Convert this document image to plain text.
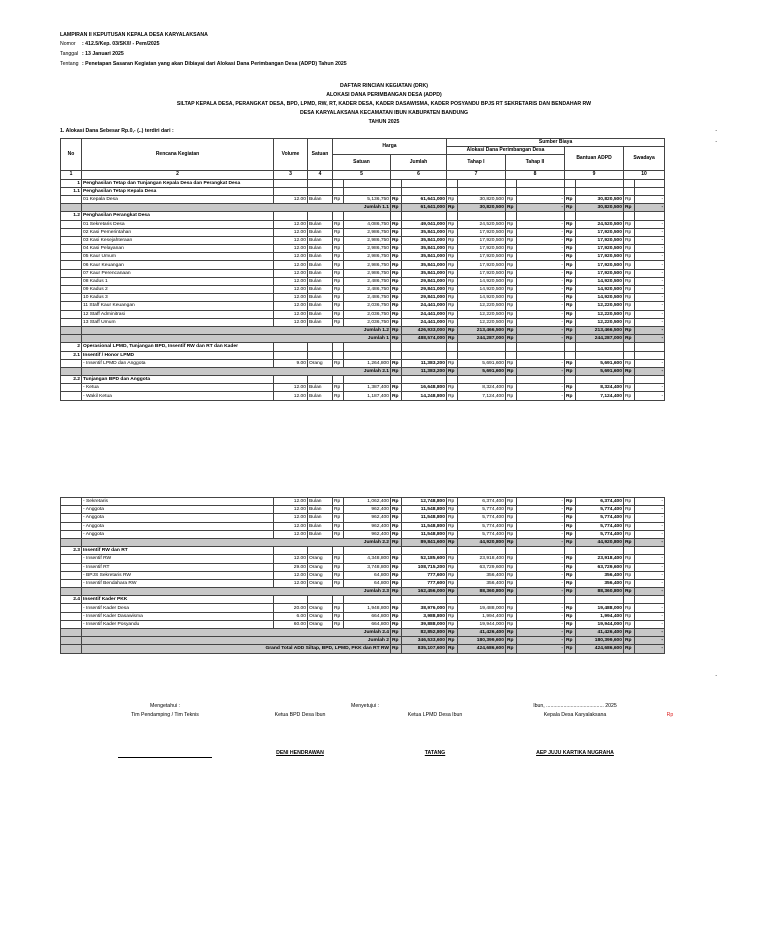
LAMPIRAN II KEPUTUSAN KEPALA DESA KARYALAKSANA
Nomor : 412.5/Kep. 03/SK/I/ - Pem/2025
Tanggal : 13 Januari 2025
Tentang : Penetapan Sasaran Kegiatan yang akan Dibiayai dari Alokasi Dana Perimbangan Desa (ADPD) Tahun 2025
DAFTAR RINCIAN KEGIATAN (DRK)
ALOKASI DANA PERIMBANGAN DESA (ADPD)
SILTAP KEPALA DESA, PERANGKAT DESA, BPD, LPMD, RW, RT, KADER DESA, KADER DASAWISMA, KADER POSYANDU BPJS RT SEKRETARIS DAN BENDAHAR RW
DESA KARYALAKSANA KECAMATAN IBUN KABUPATEN BANDUNG
TAHUN 2025
1. Alokasi Dana Sebesar Rp.0,- (..) terdiri dari :	-
-
No	Rencana Kegiatan	Volume	Satuan	Harga				Sumber Biaya							
								Alokasi Dana Perimbangan Desa				Bantuan ADPD		Swadaya	
				Satuan		Jumlah		Tahap I		Tahap II					
1	2	3	4	5		6		7		8		9		10	
1	Penghasilan Tetap dan Tunjangan Kepala Desa dan Perangkat Desa														
1.1	Penghasilan Tetap Kepala Desa														
	01 Kepala Desa	12.00	Bulan	Rp	5,136,750	Rp	61,641,000	Rp	30,820,500	Rp	-	Rp	30,820,500	Rp	-
	Jumlah 1.1					Rp	61,641,000	Rp	30,820,500	Rp	-	Rp	30,820,500	Rp	-
1.2	Penghasilan Perangkat Desa														
	01 Sekretaris Desa	12.00	Bulan	Rp	4,086,750	Rp	49,041,000	Rp	24,520,500	Rp	-	Rp	24,520,500	Rp	-
	02 Kasi Pemerintahan	12.00	Bulan	Rp	2,986,750	Rp	35,841,000	Rp	17,920,500	Rp	-	Rp	17,920,500	Rp	-
	03 Kasi Kesejahteraan	12.00	Bulan	Rp	2,986,750	Rp	35,841,000	Rp	17,920,500	Rp	-	Rp	17,920,500	Rp	-
	04 Kasi Pelayanan	12.00	Bulan	Rp	2,986,750	Rp	35,841,000	Rp	17,920,500	Rp	-	Rp	17,920,500	Rp	-
	05 Kaur Umum	12.00	Bulan	Rp	2,986,750	Rp	35,841,000	Rp	17,920,500	Rp	-	Rp	17,920,500	Rp	-
	06 Kaur Keuangan	12.00	Bulan	Rp	2,986,750	Rp	35,841,000	Rp	17,920,500	Rp	-	Rp	17,920,500	Rp	-
	07 Kaur Perencanaan	12.00	Bulan	Rp	2,986,750	Rp	35,841,000	Rp	17,920,500	Rp	-	Rp	17,920,500	Rp	-
	08 Kadus 1	12.00	Bulan	Rp	2,486,750	Rp	29,841,000	Rp	14,920,500	Rp	-	Rp	14,920,500	Rp	-
	09 Kadus 2	12.00	Bulan	Rp	2,486,750	Rp	29,841,000	Rp	14,920,500	Rp	-	Rp	14,920,500	Rp	-
	10 Kadus 3	12.00	Bulan	Rp	2,486,750	Rp	29,841,000	Rp	14,920,500	Rp	-	Rp	14,920,500	Rp	-
	11 Staff Kaur Keuangan	12.00	Bulan	Rp	2,036,750	Rp	24,441,000	Rp	12,220,500	Rp	-	Rp	12,220,500	Rp	-
	12 Staff Adminitrasi	12.00	Bulan	Rp	2,036,750	Rp	24,441,000	Rp	12,220,500	Rp	-	Rp	12,220,500	Rp	-
	13 Staff Umum	12.00	Bulan	Rp	2,036,750	Rp	24,441,000	Rp	12,220,500	Rp	-	Rp	12,220,500	Rp	-
	Jumlah 1.2					Rp	426,933,000	Rp	213,466,500	Rp	-	Rp	213,466,500	Rp	-
	Jumlah 1					Rp	488,574,000	Rp	244,287,000	Rp	-	Rp	244,287,000	Rp	-
2	Operasional LPMD, Tunjangan BPD, Insentif RW dan RT dan Kader														
2.1	Insentif / Honor LPMD														
	- Insentif LPMD dan Anggota	9.00	Orang	Rp	1,264,800	Rp	11,383,200	Rp	5,691,600	Rp	-	Rp	5,691,600	Rp	-
	Jumlah 2.1					Rp	11,383,200	Rp	5,691,600	Rp	-	Rp	5,691,600	Rp	-
2.2	Tunjangan BPD dan Anggota														
	- Ketua	12.00	Bulan	Rp	1,387,400	Rp	16,648,800	Rp	8,324,400	Rp	-	Rp	8,324,400	Rp	-
	- Wakil Ketua	12.00	Bulan	Rp	1,187,400	Rp	14,248,800	Rp	7,124,400	Rp	-	Rp	7,124,400	Rp	-
	- Sekretaris	12.00	Bulan	Rp	1,062,400	Rp	12,748,800	Rp	6,374,400	Rp	-	Rp	6,374,400	Rp	-
	- Anggota	12.00	Bulan	Rp	962,400	Rp	11,548,800	Rp	5,774,400	Rp	-	Rp	5,774,400	Rp	-
	- Anggota	12.00	Bulan	Rp	962,400	Rp	11,548,800	Rp	5,774,400	Rp	-	Rp	5,774,400	Rp	-
	- Anggota	12.00	Bulan	Rp	962,400	Rp	11,548,800	Rp	5,774,400	Rp	-	Rp	5,774,400	Rp	-
	- Anggota	12.00	Bulan	Rp	962,400	Rp	11,548,800	Rp	5,774,400	Rp	-	Rp	5,774,400	Rp	-
	Jumlah 2.2					Rp	89,841,600	Rp	44,920,800	Rp	-	Rp	44,920,800	Rp	-
2.3	Insentif RW dan RT														
	- Insentif RW	12.00	Orang	Rp	4,348,800	Rp	52,185,600	Rp	23,918,400	Rp	-	Rp	23,918,400	Rp	-
	- Insentif RT	29.00	Orang	Rp	3,748,800	Rp	108,715,200	Rp	63,729,600	Rp	-	Rp	63,729,600	Rp	-
	- BPJS Sekretaris RW	12.00	Orang	Rp	64,800	Rp	777,600	Rp	356,400	Rp	-	Rp	356,400	Rp	-
	- Insentif Bendahara RW	12.00	Orang	Rp	64,800	Rp	777,600	Rp	356,400	Rp	-	Rp	356,400	Rp	-
	Jumlah 2.3					Rp	162,456,000	Rp	88,360,800	Rp	-	Rp	88,360,800	Rp	-
2.4	Insentif Kader PKK														
	- Insentif Kader Desa	20.00	Orang	Rp	1,948,800	Rp	38,976,000	Rp	19,488,000	Rp	-	Rp	19,488,000	Rp	-
	- Insentif Kader Dasawisma	6.00	Orang	Rp	664,800	Rp	3,988,800	Rp	1,994,400	Rp	-	Rp	1,994,400	Rp	-
	- Insentif Kader Posyandu	60.00	Orang	Rp	664,800	Rp	39,888,000	Rp	19,944,000	Rp	-	Rp	19,944,000	Rp	-
	Jumlah 2.4					Rp	82,852,800	Rp	41,426,400	Rp	-	Rp	41,426,400	Rp	-
	Jumlah 2					Rp	346,533,600	Rp	180,399,600	Rp	-	Rp	180,399,600	Rp	-
	Grand Total ADD Siltap, BPD, LPMD, PKK dan RT RW					Rp	835,107,600	Rp	424,686,600	Rp	-	Rp	424,686,600	Rp	-
-
Mengetahui :
Tim Pendamping / Tim Teknis
Menyetujui :
Ketua BPD Desa Ibun
DENI HENDRAWAN
Ketua LPMD Desa Ibun
TATANG
Ibun, ........................................ 2025
Kepala Desa Karyalaksana
AEP JUJU KARTIKA NUGRAHA
Rp
